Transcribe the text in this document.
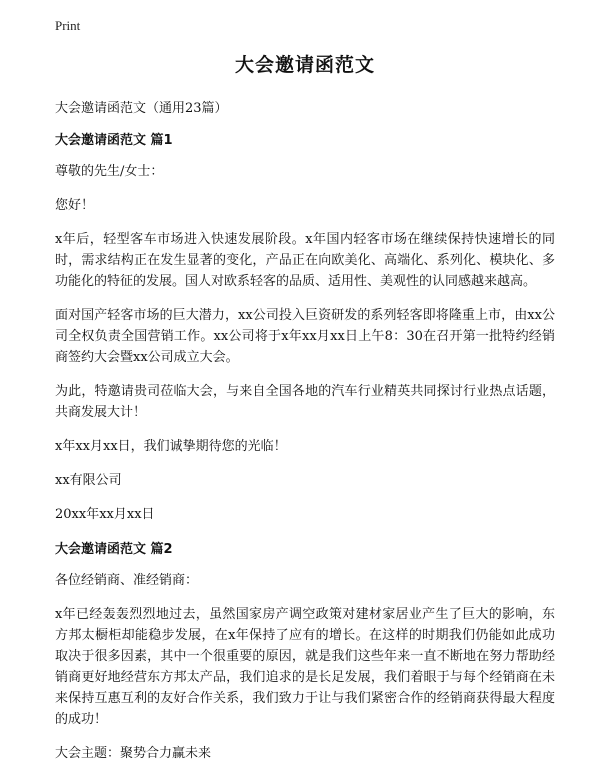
Print
大会邀请函范文
大会邀请函范文（通用23篇）
大会邀请函范文 篇1
尊敬的先生/女士：
您好！
x年后，轻型客车市场进入快速发展阶段。x年国内轻客市场在继续保持快速增长的同时，需求结构正在发生显著的变化，产品正在向欧美化、高端化、系列化、模块化、多功能化的特征的发展。国人对欧系轻客的品质、适用性、美观性的认同感越来越高。
面对国产轻客市场的巨大潜力，xx公司投入巨资研发的系列轻客即将隆重上市，由xx公司全权负责全国营销工作。xx公司将于x年xx月xx日上午8：30在召开第一批特约经销商签约大会暨xx公司成立大会。
为此，特邀请贵司莅临大会，与来自全国各地的汽车行业精英共同探讨行业热点话题，共商发展大计！
x年xx月xx日，我们诚挚期待您的光临！
xx有限公司
20xx年xx月xx日
大会邀请函范文 篇2
各位经销商、准经销商：
x年已经轰轰烈烈地过去，虽然国家房产调空政策对建材家居业产生了巨大的影响，东方邦太橱柜却能稳步发展，在x年保持了应有的增长。在这样的时期我们仍能如此成功取决于很多因素，其中一个很重要的原因，就是我们这些年来一直不断地在努力帮助经销商更好地经营东方邦太产品，我们追求的是长足发展，我们着眼于与每个经销商在未来保持互惠互利的友好合作关系，我们致力于让与我们紧密合作的经销商获得最大程度的成功！
大会主题：聚势合力赢未来
